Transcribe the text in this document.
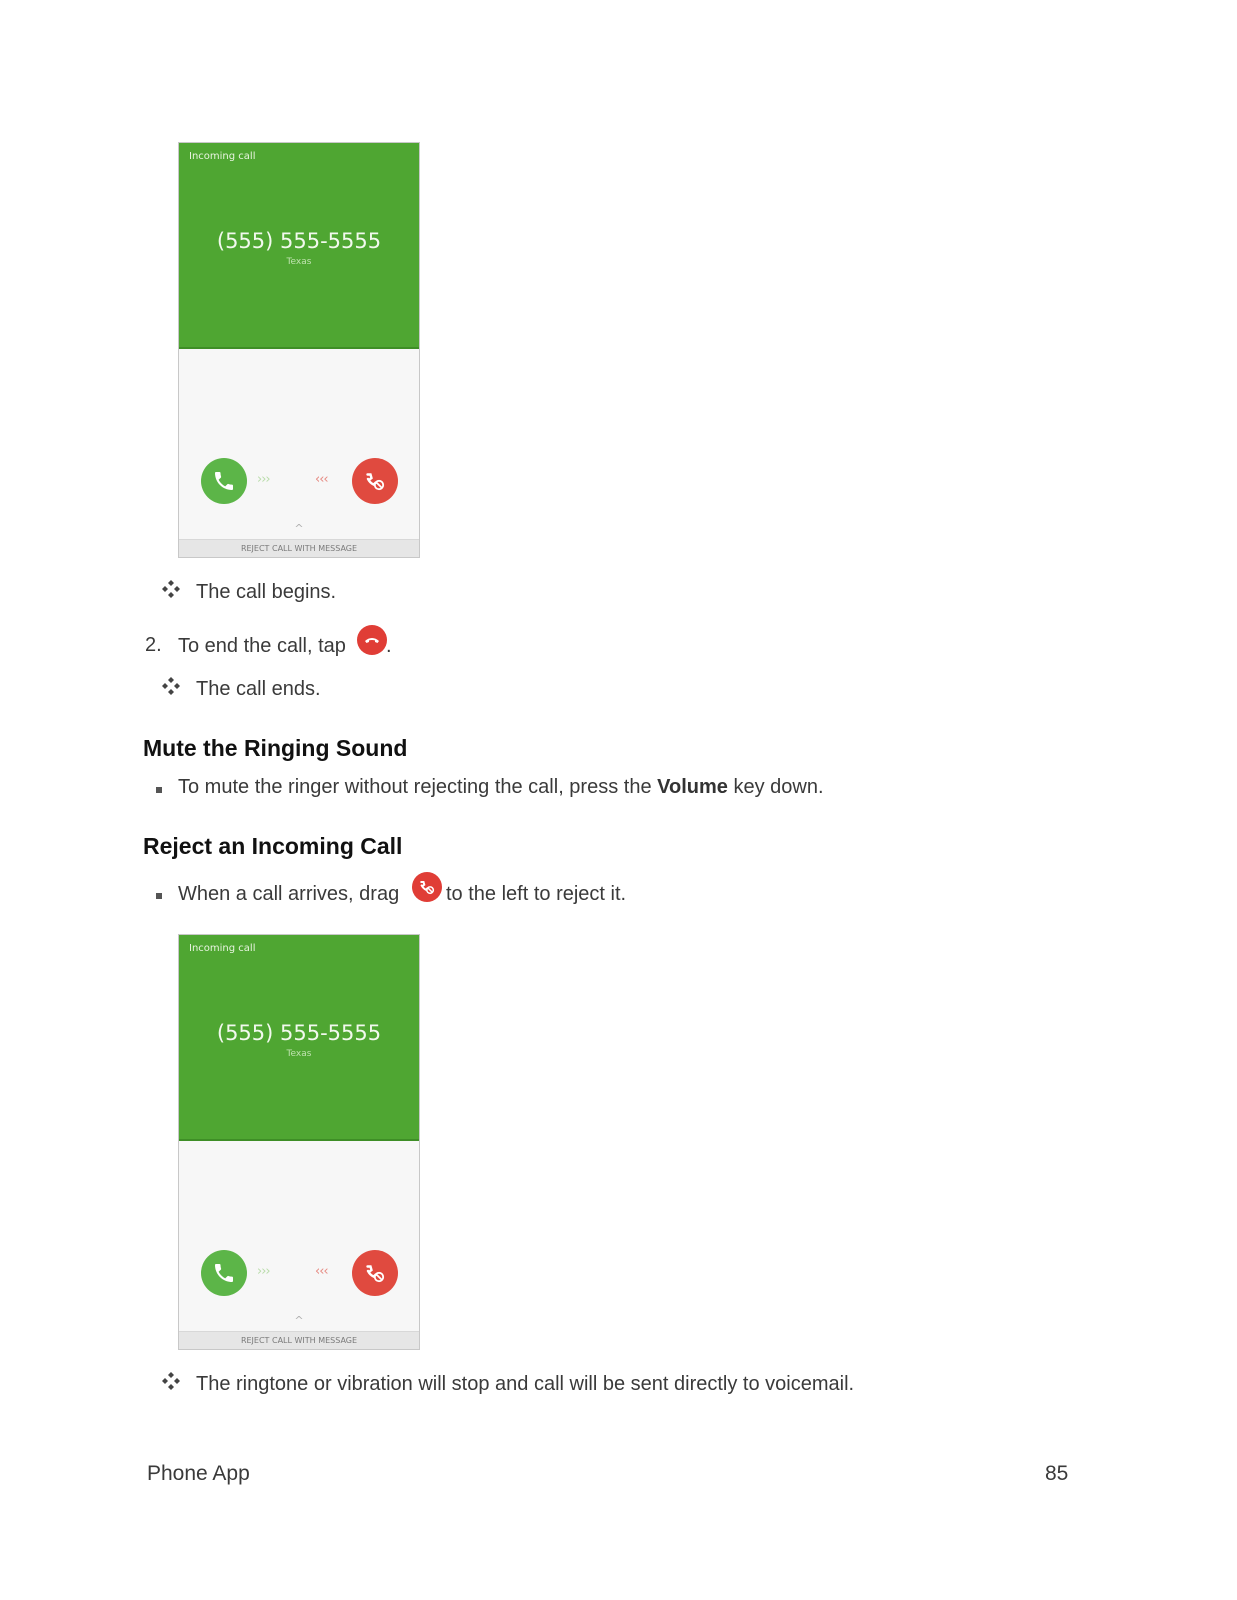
Incoming call
(555) 555-5555
Texas
›››	‹‹‹
^
REJECT CALL WITH MESSAGE
The call begins.
2. To end the call, tap .
The call ends.
Mute the Ringing Sound
To mute the ringer without rejecting the call, press the Volume key down.
Reject an Incoming Call
When a call arrives, drag to the left to reject it.
Incoming call
(555) 555-5555
Texas
›››	‹‹‹
^
REJECT CALL WITH MESSAGE
The ringtone or vibration will stop and call will be sent directly to voicemail.
Phone App	85
